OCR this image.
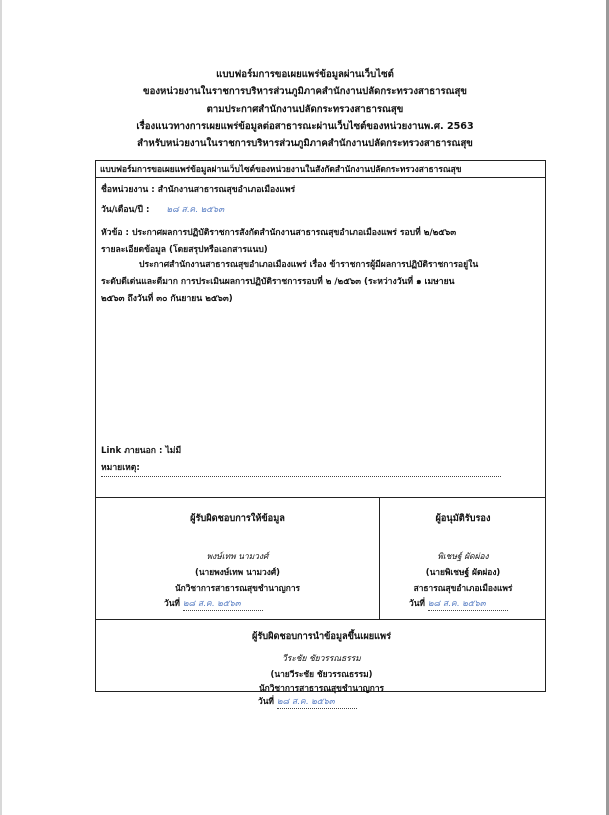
แบบฟอร์มการขอเผยแพร่ข้อมูลผ่านเว็บไซต์
ของหน่วยงานในราชการบริหารส่วนภูมิภาคสำนักงานปลัดกระทรวงสาธารณสุข
ตามประกาศสำนักงานปลัดกระทรวงสาธารณสุข
เรื่องแนวทางการเผยแพร่ข้อมูลต่อสาธารณะผ่านเว็บไซต์ของหน่วยงานพ.ศ. 2563
สำหรับหน่วยงานในราชการบริหารส่วนภูมิภาคสำนักงานปลัดกระทรวงสาธารณสุข
แบบฟอร์มการขอเผยแพร่ข้อมูลผ่านเว็บไซต์ของหน่วยงานในสังกัดสำนักงานปลัดกระทรวงสาธารณสุข
ชื่อหน่วยงาน : สำนักงานสาธารณสุขอำเภอเมืองแพร่
วัน/เดือน/ปี : ๒๘ ส.ค. ๒๕๖๓
หัวข้อ : ประกาศผลการปฏิบัติราชการสังกัดสำนักงานสาธารณสุขอำเภอเมืองแพร่ รอบที่ ๒/๒๕๖๓
รายละเอียดข้อมูล (โดยสรุปหรือเอกสารแนบ)
ประกาศสำนักงานสาธารณสุขอำเภอเมืองแพร่ เรื่อง ข้าราชการผู้มีผลการปฏิบัติราชการอยู่ใน
ระดับดีเด่นและดีมาก การประเมินผลการปฏิบัติราชการรอบที่ ๒ /๒๕๖๓ (ระหว่างวันที่ ๑ เมษายน
๒๕๖๓ ถึงวันที่ ๓๐ กันยายน ๒๕๖๓)
Link ภายนอก : ไม่มี
หมายเหตุ:
ผู้รับผิดชอบการให้ข้อมูล
พงษ์เทพ นามวงศ์
(นายพงษ์เทพ นามวงศ์)
นักวิชาการสาธารณสุขชำนาญการ
วันที่ ๒๘ ส.ค. ๒๕๖๓
ผู้อนุมัติรับรอง
พิเชษฐ์ ผัดผ่อง
(นายพิเชษฐ์ ผัดผ่อง)
สาธารณสุขอำเภอเมืองแพร่
วันที่ ๒๘ ส.ค. ๒๕๖๓
ผู้รับผิดชอบการนำข้อมูลขึ้นเผยแพร่
วีระชัย ชัยวรรณธรรม
(นายวีระชัย ชัยวรรณธรรม)
นักวิชาการสาธารณสุขชำนาญการ
วันที่ ๒๘ ส.ค. ๒๕๖๓
